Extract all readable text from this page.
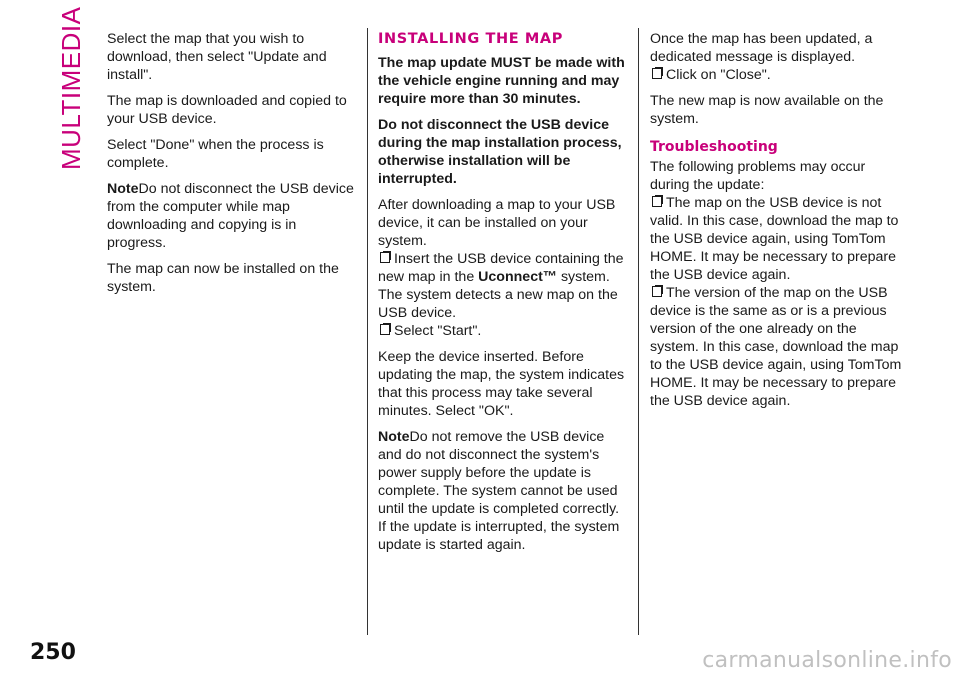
MULTIMEDIA Select the map that you wish to download, then select "Update and install".

The map is downloaded and copied to your USB device.

Select "Done" when the process is complete.

NoteDo not disconnect the USB device from the computer while map downloading and copying is in progress.

The map can now be installed on the system.

INSTALLING THE MAP

The map update MUST be made with the vehicle engine running and may require more than 30 minutes.

Do not disconnect the USB device during the map installation process, otherwise installation will be interrupted.

After downloading a map to your USB device, it can be installed on your system.

Insert the USB device containing the new map in the Uconnect™ system.

The system detects a new map on the USB device.

Select "Start".

Keep the device inserted. Before updating the map, the system indicates that this process may take several minutes. Select "OK".

NoteDo not remove the USB device and do not disconnect the system's power supply before the update is complete. The system cannot be used until the update is completed correctly. If the update is interrupted, the system update is started again.

Once the map has been updated, a dedicated message is displayed.

Click on "Close".

The new map is now available on the system.

Troubleshooting

The following problems may occur during the update:

The map on the USB device is not valid. In this case, download the map to the USB device again, using TomTom HOME. It may be necessary to prepare the USB device again.

The version of the map on the USB device is the same as or is a previous version of the one already on the system. In this case, download the map to the USB device again, using TomTom HOME. It may be necessary to prepare the USB device again.

250	carmanualsonline.info
